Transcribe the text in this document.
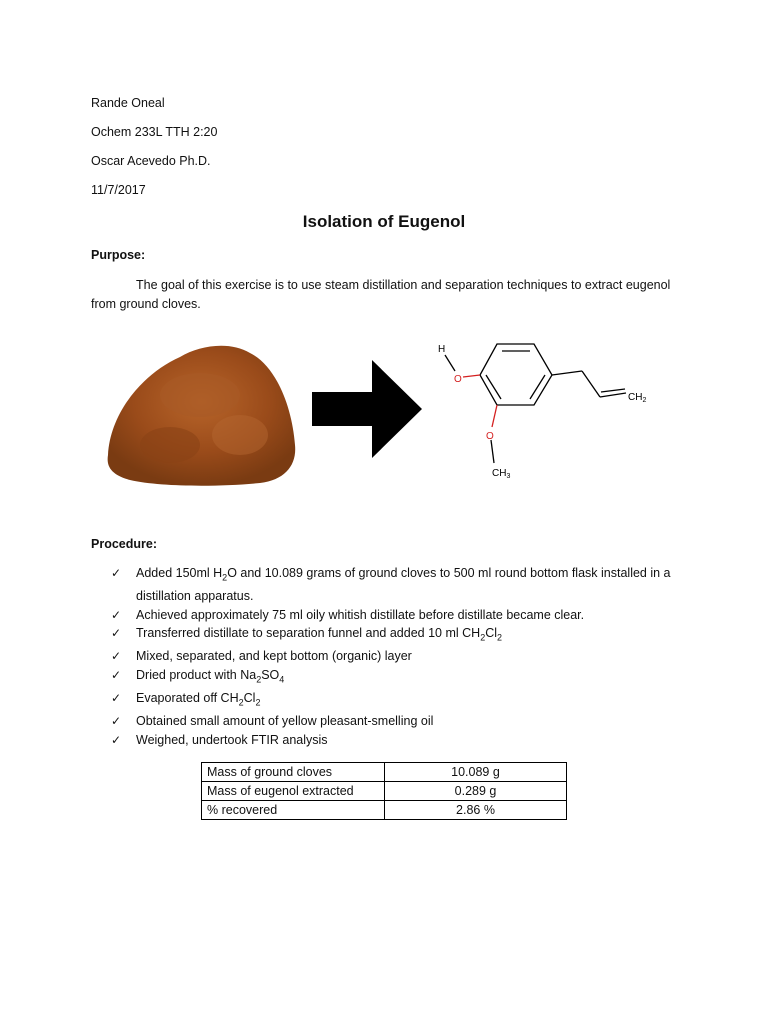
Rande Oneal
Ochem 233L TTH 2:20
Oscar Acevedo Ph.D.
11/7/2017
Isolation of Eugenol
Purpose:
The goal of this exercise is to use steam distillation and separation techniques to extract eugenol from ground cloves.
H
O
O
$CH_2$
$CH_3$
Procedure:
✓	Added 150ml $H_2O$ and 10.089 grams of ground cloves to 500 ml round bottom flask installed in a distillation apparatus.
✓	Achieved approximately 75 ml oily whitish distillate before distillate became clear.
✓	Transferred distillate to separation funnel and added 10 ml $CH_2Cl_2$
✓	Mixed, separated, and kept bottom (organic) layer
✓	Dried product with $Na_2SO_4$
✓	Evaporated off $CH_2Cl_2$
✓	Obtained small amount of yellow pleasant-smelling oil
✓	Weighed, undertook FTIR analysis
Mass of ground cloves	10.089 g
Mass of eugenol extracted	0.289 g
% recovered	2.86 %
